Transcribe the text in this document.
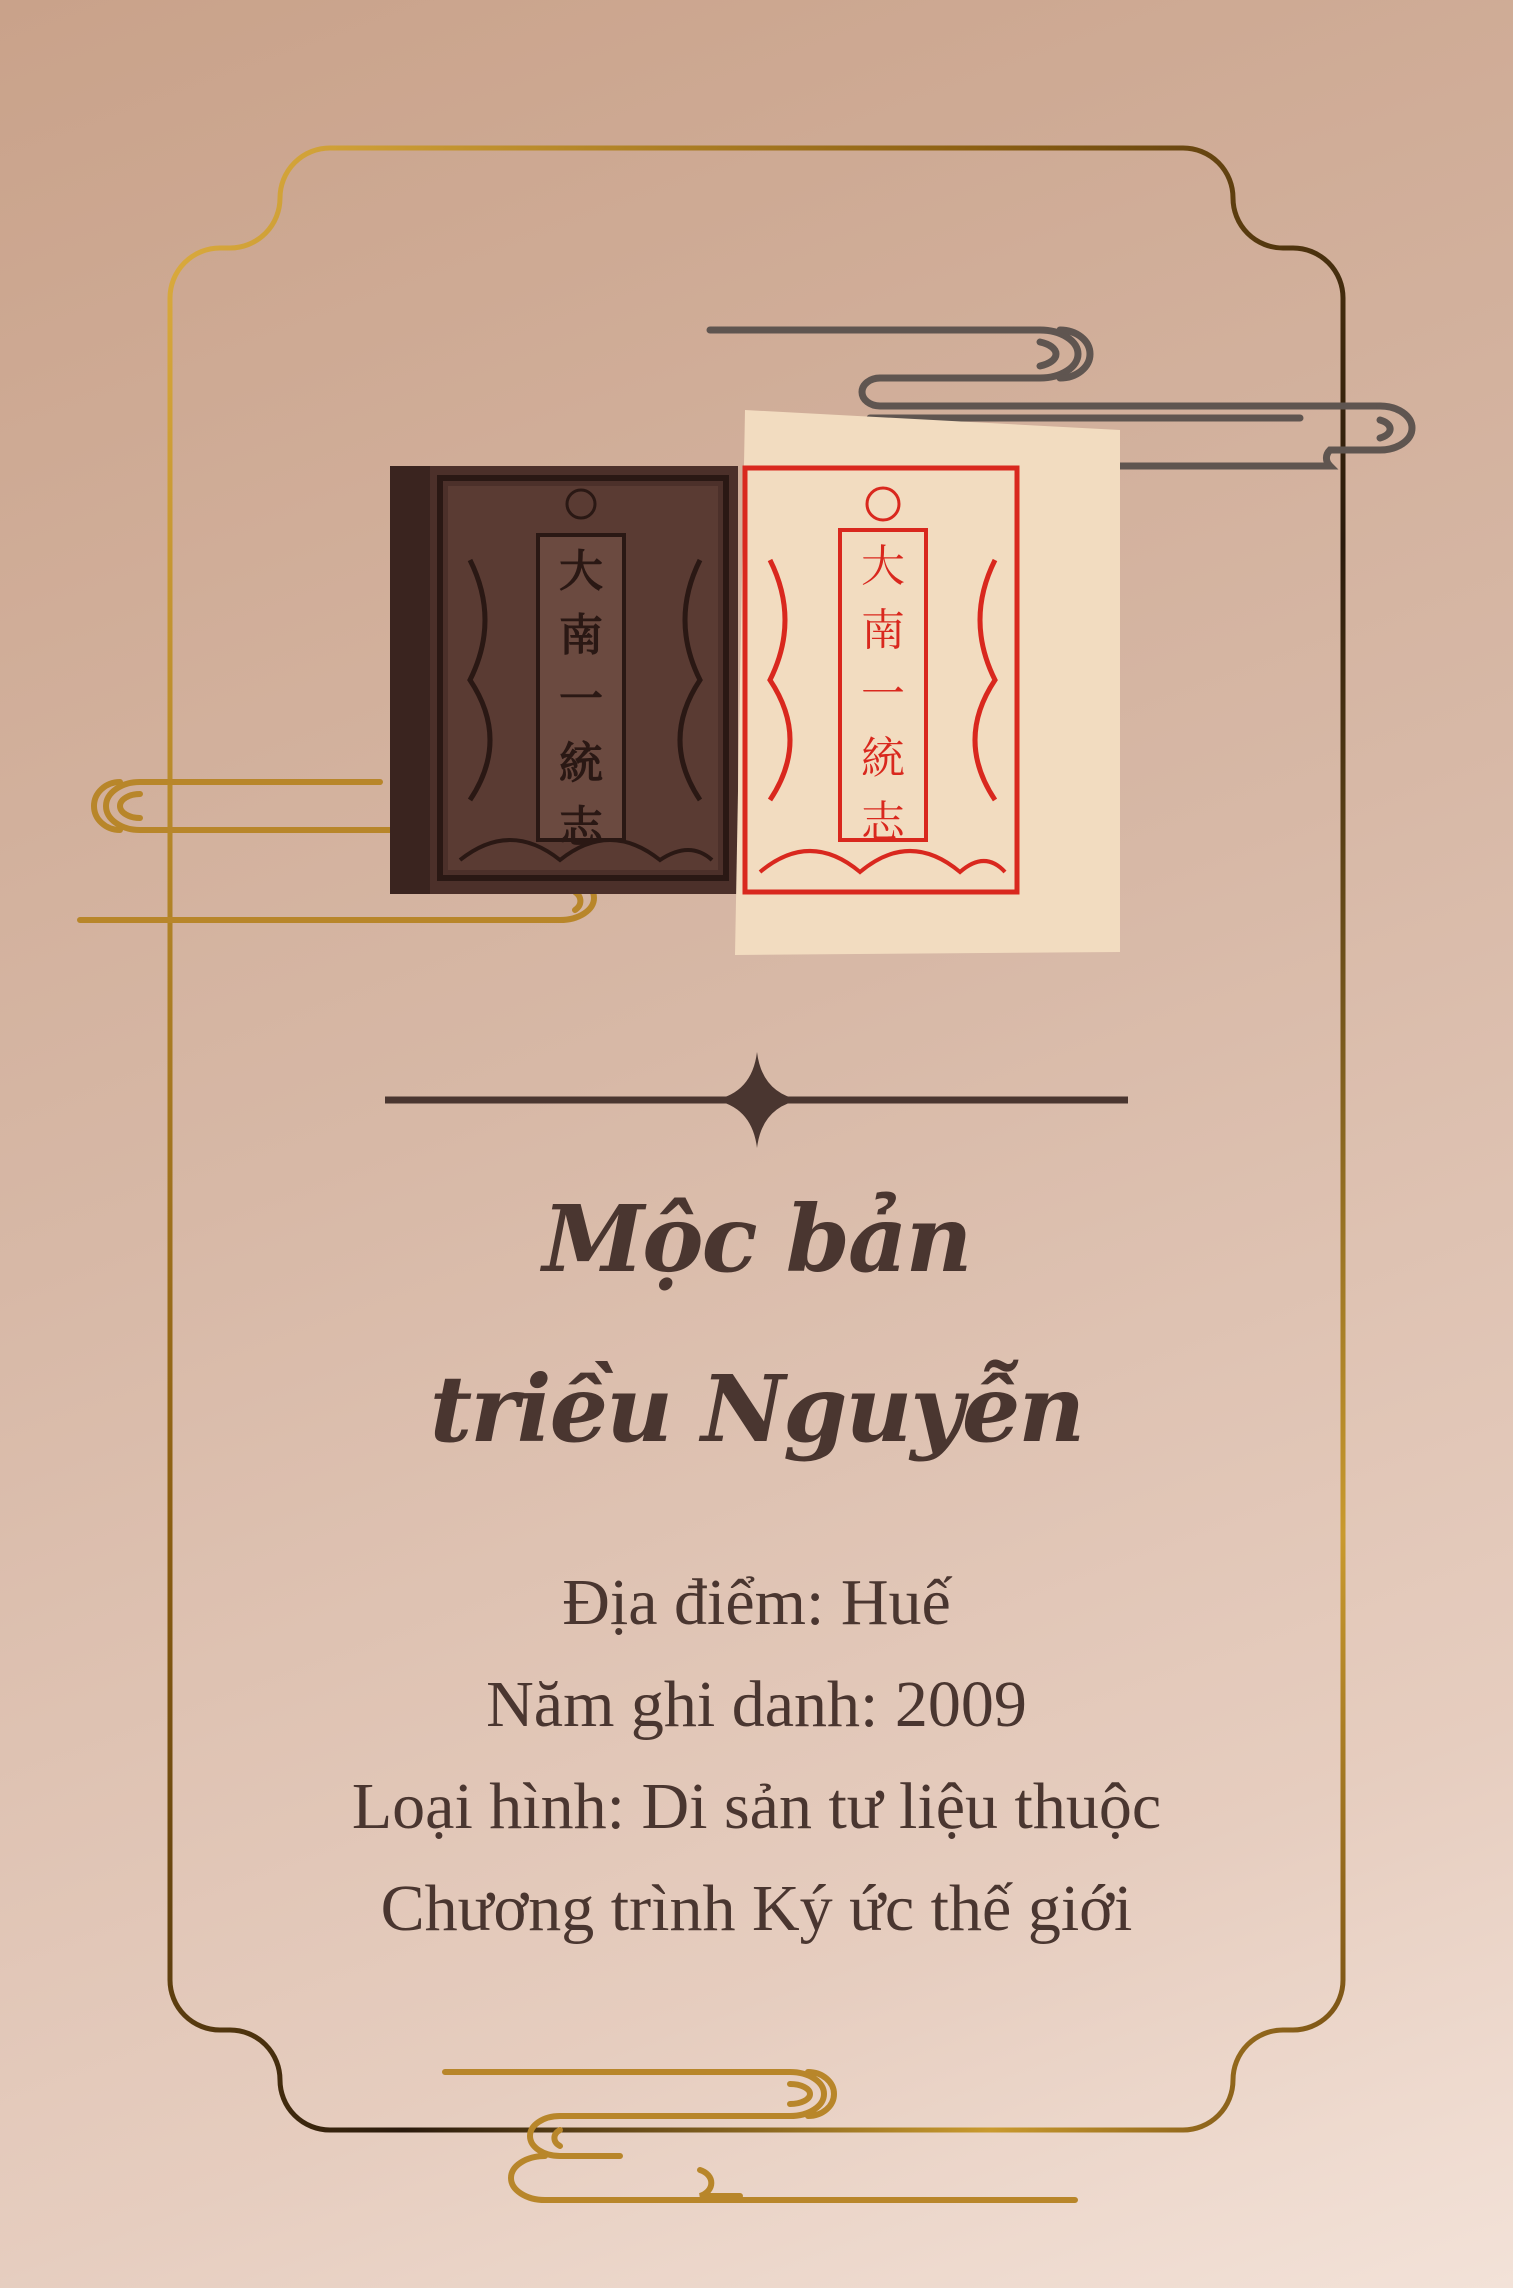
大
南
一
統
志
大
南
一
統
志
Mộc bản
triều Nguyễn
Địa điểm: Huế
Năm ghi danh: 2009
Loại hình: Di sản tư liệu thuộc
Chương trình Ký ức thế giới
